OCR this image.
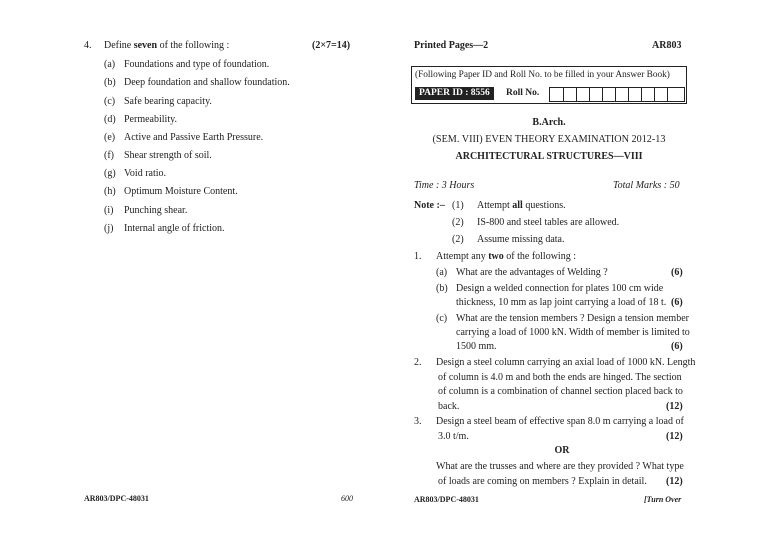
4. Define seven of the following :	(2×7=14)
(a) Foundations and type of foundation.
(b) Deep foundation and shallow foundation.
(c) Safe bearing capacity.
(d) Permeability.
(e) Active and Passive Earth Pressure.
(f) Shear strength of soil.
(g) Void ratio.
(h) Optimum Moisture Content.
(i) Punching shear.
(j) Internal angle of friction.
AR803/DPC-48031	600
Printed Pages—2	AR803
(Following Paper ID and Roll No. to be filled in your Answer Book)
PAPER ID : 8556	Roll No.
B.Arch.
(SEM. VIII) EVEN THEORY EXAMINATION 2012-13
ARCHITECTURAL STRUCTURES—VIII
Time : 3 Hours	Total Marks : 50
Note :– (1) Attempt all questions.
(2) IS-800 and steel tables are allowed.
(2) Assume missing data.
1. Attempt any two of the following :
(a) What are the advantages of Welding ?	(6)
(b) Design a welded connection for plates 100 cm wide
thickness, 10 mm as lap joint carrying a load of 18 t. (6)
(c) What are the tension members ? Design a tension member
carrying a load of 1000 kN. Width of member is limited to
1500 mm.	(6)
2. Design a steel column carrying an axial load of 1000 kN. Length
of column is 4.0 m and both the ends are hinged. The section
of column is a combination of channel section placed back to
back.	(12)
3. Design a steel beam of effective span 8.0 m carrying a load of
3.0 t/m.	(12)
OR
What are the trusses and where are they provided ? What type
of loads are coming on members ? Explain in detail. (12)
AR803/DPC-48031	[Turn Over
